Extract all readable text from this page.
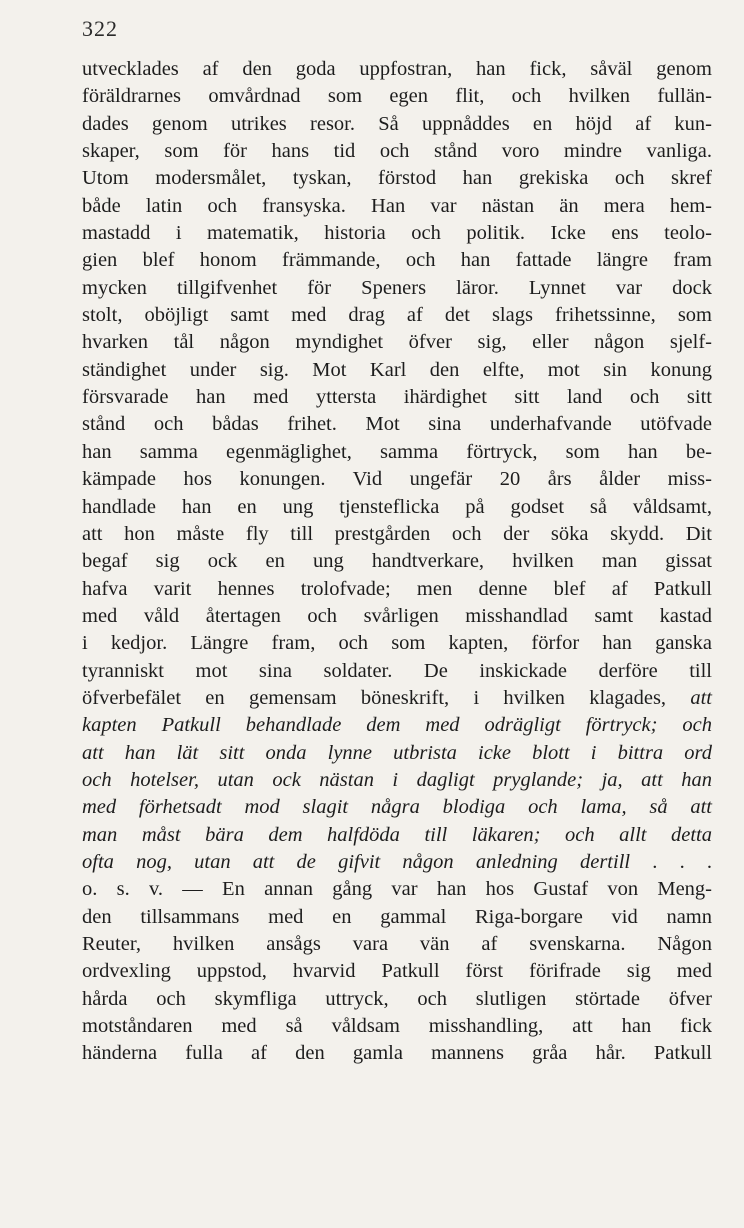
322
utvecklades af den goda uppfostran, han fick, såväl genom
föräldrarnes omvårdnad som egen flit, och hvilken fullän-
dades genom utrikes resor. Så uppnåddes en höjd af kun-
skaper, som för hans tid och stånd voro mindre vanliga.
Utom modersmålet, tyskan, förstod han grekiska och skref
både latin och fransyska. Han var nästan än mera hem-
mastadd i matematik, historia och politik. Icke ens teolo-
gien blef honom främmande, och han fattade längre fram
mycken tillgifvenhet för Speners läror. Lynnet var dock
stolt, oböjligt samt med drag af det slags frihetssinne, som
hvarken tål någon myndighet öfver sig, eller någon sjelf-
ständighet under sig. Mot Karl den elfte, mot sin konung
försvarade han med yttersta ihärdighet sitt land och sitt
stånd och bådas frihet. Mot sina underhafvande utöfvade
han samma egenmäglighet, samma förtryck, som han be-
kämpade hos konungen. Vid ungefär 20 års ålder miss-
handlade han en ung tjensteflicka på godset så våldsamt,
att hon måste fly till prestgården och der söka skydd. Dit
begaf sig ock en ung handtverkare, hvilken man gissat
hafva varit hennes trolofvade; men denne blef af Patkull
med våld återtagen och svårligen misshandlad samt kastad
i kedjor. Längre fram, och som kapten, förfor han ganska
tyranniskt mot sina soldater. De inskickade derföre till
öfverbefälet en gemensam böneskrift, i hvilken klagades, att
kapten Patkull behandlade dem med odrägligt förtryck; och
att han lät sitt onda lynne utbrista icke blott i bittra ord
och hotelser, utan ock nästan i dagligt pryglande; ja, att han
med förhetsadt mod slagit några blodiga och lama, så att
man måst bära dem halfdöda till läkaren; och allt detta
ofta nog, utan att de gifvit någon anledning dertill . . .
o. s. v. — En annan gång var han hos Gustaf von Meng-
den tillsammans med en gammal Riga-borgare vid namn
Reuter, hvilken ansågs vara vän af svenskarna. Någon
ordvexling uppstod, hvarvid Patkull först förifrade sig med
hårda och skymfliga uttryck, och slutligen störtade öfver
motståndaren med så våldsam misshandling, att han fick
händerna fulla af den gamla mannens gråa hår. Patkull
